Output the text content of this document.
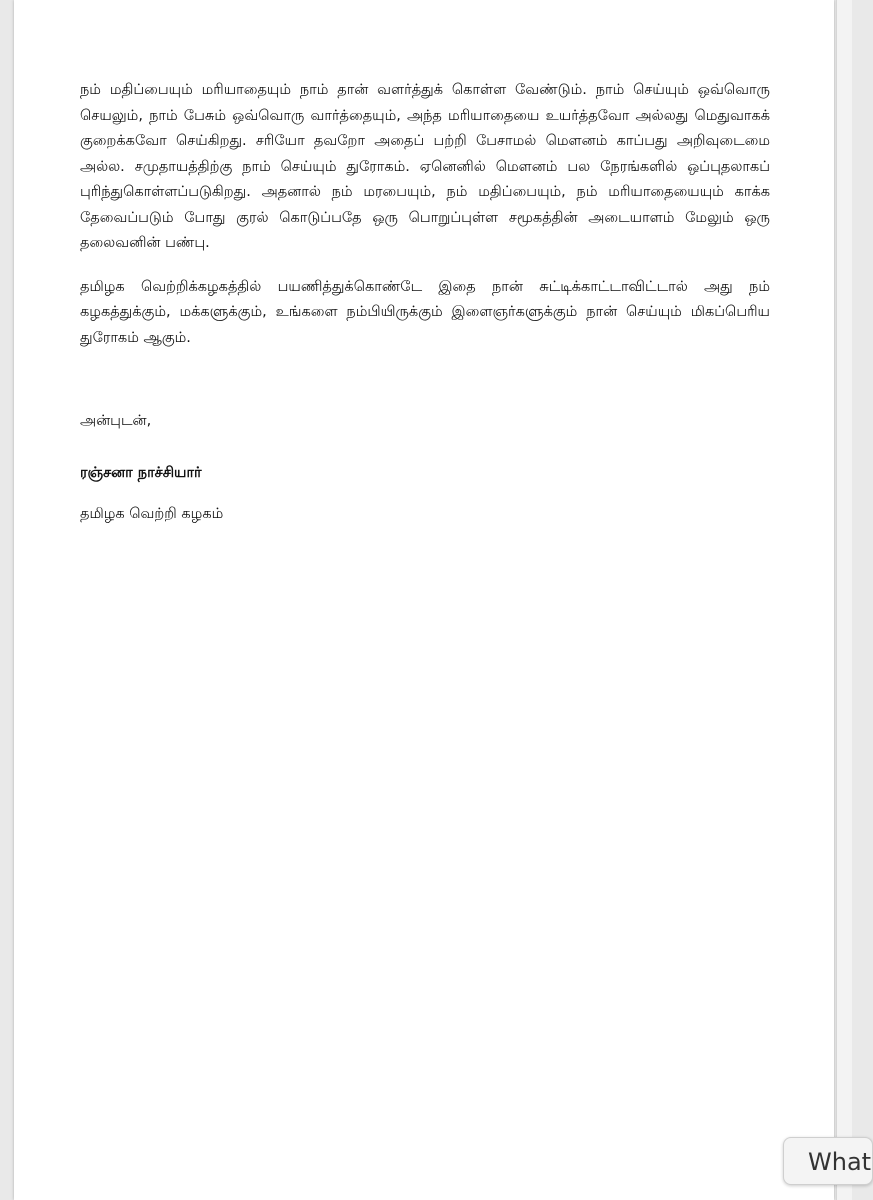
நம் மதிப்பையும் மரியாதையும் நாம் தான் வளர்த்துக் கொள்ள வேண்டும். நாம் செய்யும் ஒவ்வொரு செயலும், நாம் பேசும் ஒவ்வொரு வார்த்தையும், அந்த மரியாதையை உயர்த்தவோ அல்லது மெதுவாகக் குறைக்கவோ செய்கிறது. சரியோ தவறோ அதைப் பற்றி பேசாமல் மௌனம் காப்பது அறிவுடைமை அல்ல. சமுதாயத்திற்கு நாம் செய்யும் துரோகம். ஏனெனில் மௌனம் பல நேரங்களில் ஒப்புதலாகப் புரிந்துகொள்ளப்படுகிறது. அதனால் நம் மரபையும், நம் மதிப்பையும், நம் மரியாதையையும் காக்க தேவைப்படும் போது குரல் கொடுப்பதே ஒரு பொறுப்புள்ள சமூகத்தின் அடையாளம் மேலும் ஒரு தலைவனின் பண்பு.

தமிழக வெற்றிக்கழகத்தில் பயணித்துக்கொண்டே இதை நான் சுட்டிக்காட்டாவிட்டால் அது நம் கழகத்துக்கும், மக்களுக்கும், உங்களை நம்பியிருக்கும் இளைஞர்களுக்கும் நான் செய்யும் மிகப்பெரிய துரோகம் ஆகும்.

அன்புடன்,

ரஞ்சனா நாச்சியார்

தமிழக வெற்றி கழகம்

What
